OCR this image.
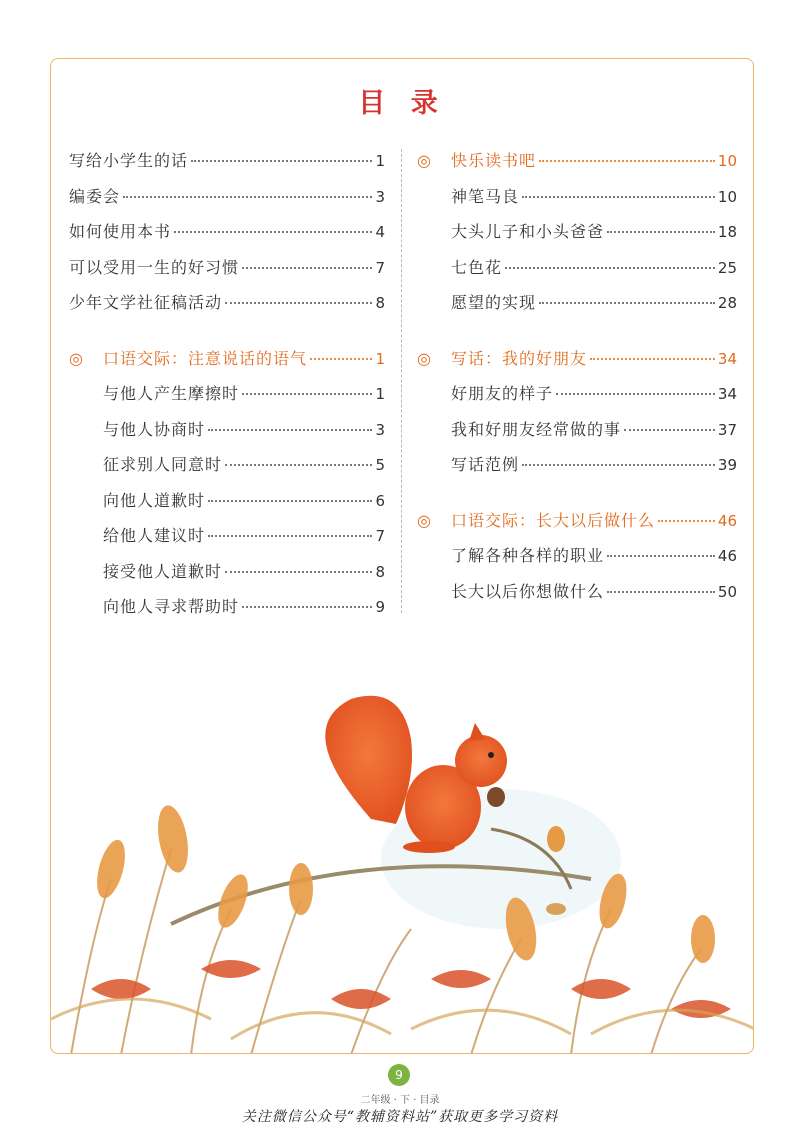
目 录
写给小学生的话	1
编委会	3
如何使用本书	4
可以受用一生的好习惯	7
少年文学社征稿活动	8
◎	口语交际：注意说话的语气	1
与他人产生摩擦时	1
与他人协商时	3
征求别人同意时	5
向他人道歉时	6
给他人建议时	7
接受他人道歉时	8
向他人寻求帮助时	9
◎	快乐读书吧	10
神笔马良	10
大头儿子和小头爸爸	18
七色花	25
愿望的实现	28
◎	写话：我的好朋友	34
好朋友的样子	34
我和好朋友经常做的事	37
写话范例	39
◎	口语交际：长大以后做什么	46
了解各种各样的职业	46
长大以后你想做什么	50
9
二年级 · 下 · 目录
关注微信公众号“教辅资料站”获取更多学习资料
